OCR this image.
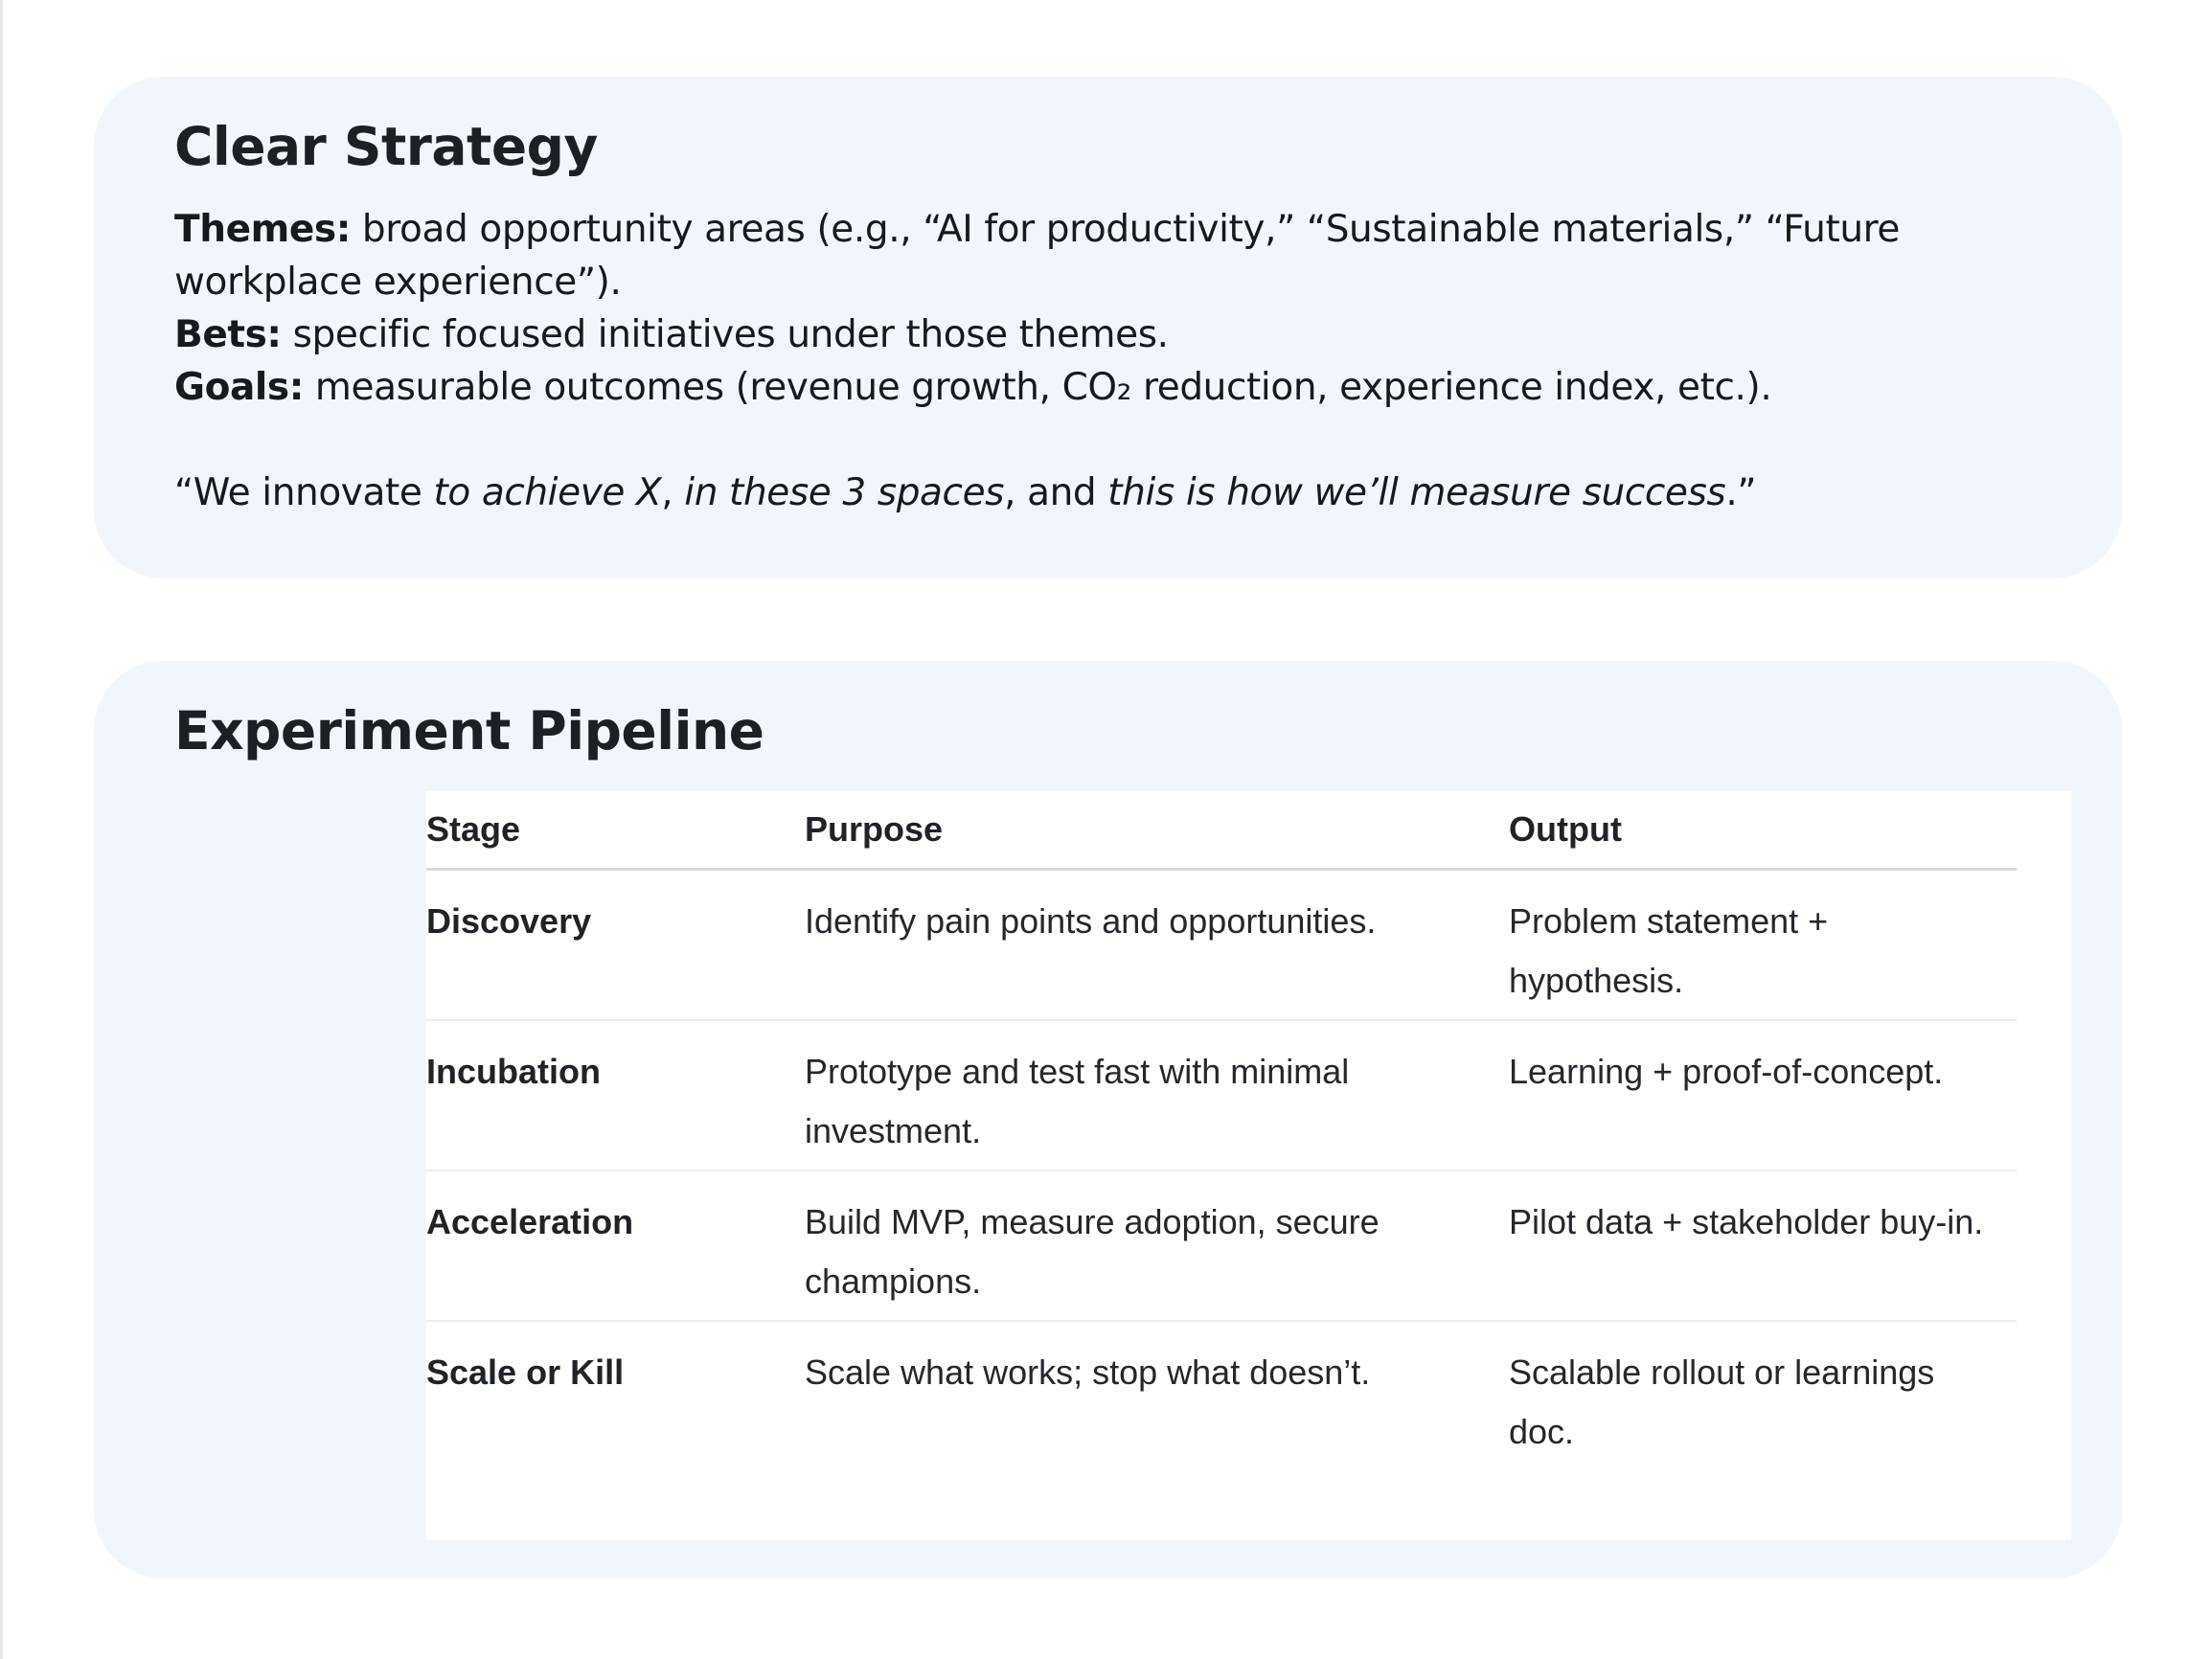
Clear Strategy

Themes: broad opportunity areas (e.g., “AI for productivity,” “Sustainable materials,” “Future workplace experience”).

Bets: specific focused initiatives under those themes.

Goals: measurable outcomes (revenue growth, CO₂ reduction, experience index, etc.).

“We innovate to achieve X, in these 3 spaces, and this is how we’ll measure success.”

Experiment Pipeline
Stage	Purpose	Output
Discovery	Identify pain points and opportunities.	Problem statement + hypothesis.
Incubation	Prototype and test fast with minimal investment.	Learning + proof-of-concept.
Acceleration	Build MVP, measure adoption, secure champions.	Pilot data + stakeholder buy-in.
Scale or Kill	Scale what works; stop what doesn’t.	Scalable rollout or learnings doc.
